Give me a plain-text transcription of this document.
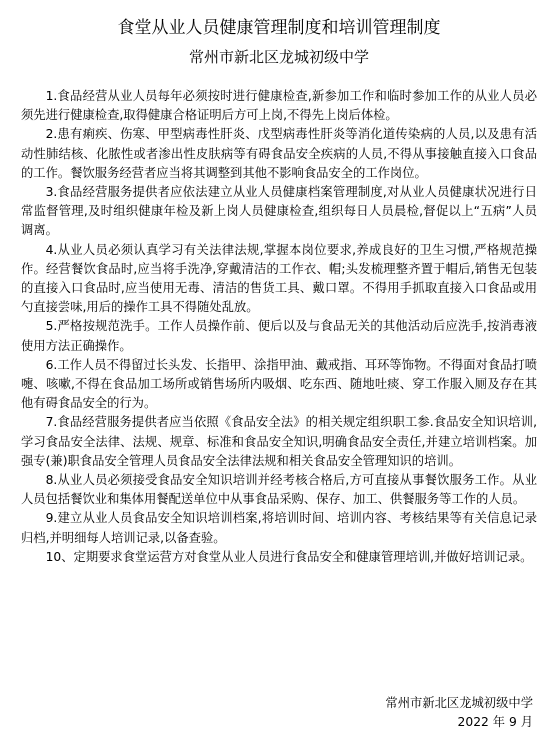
食堂从业人员健康管理制度和培训管理制度
常州市新北区龙城初级中学

1.食品经营从业人员每年必须按时进行健康检查,新参加工作和临时参加工作的从业人员必须先进行健康检查,取得健康合格证明后方可上岗,不得先上岗后体检。

2.患有痢疾、伤寒、甲型病毒性肝炎、戊型病毒性肝炎等消化道传染病的人员,以及患有活动性肺结核、化脓性或者渗出性皮肤病等有碍食品安全疾病的人员,不得从事接触直接入口食品的工作。餐饮服务经营者应当将其调整到其他不影响食品安全的工作岗位。

3.食品经营服务提供者应依法建立从业人员健康档案管理制度,对从业人员健康状况进行日常监督管理,及时组织健康年检及新上岗人员健康检查,组织每日人员晨检,督促以上“五病”人员调离。

4.从业人员必须认真学习有关法律法规,掌握本岗位要求,养成良好的卫生习惯,严格规范操作。经营餐饮食品时,应当将手洗净,穿戴清洁的工作衣、帽;头发梳理整齐置于帽后,销售无包装的直接入口食品时,应当使用无毒、清洁的售货工具、戴口罩。不得用手抓取直接入口食品或用勺直接尝味,用后的操作工具不得随处乱放。

5.严格按规范洗手。工作人员操作前、便后以及与食品无关的其他活动后应洗手,按消毒液使用方法正确操作。

6.工作人员不得留过长头发、长指甲、涂指甲油、戴戒指、耳环等饰物。不得面对食品打喷嚏、咳嗽,不得在食品加工场所或销售场所内吸烟、吃东西、随地吐痰、穿工作服入厕及存在其他有碍食品安全的行为。

7.食品经营服务提供者应当依照《食品安全法》的相关规定组织职工参.食品安全知识培训,学习食品安全法律、法规、规章、标准和食品安全知识,明确食品安全责任,并建立培训档案。加强专(兼)职食品安全管理人员食品安全法律法规和相关食品安全管理知识的培训。

8.从业人员必须接受食品安全知识培训并经考核合格后,方可直接从事餐饮服务工作。从业人员包括餐饮业和集体用餐配送单位中从事食品采购、保存、加工、供餐服务等工作的人员。

9.建立从业人员食品安全知识培训档案,将培训时间、培训内容、考核结果等有关信息记录归档,并明细每人培训记录,以备查验。

10、定期要求食堂运营方对食堂从业人员进行食品安全和健康管理培训,并做好培训记录。

常州市新北区龙城初级中学
2022 年 9 月
